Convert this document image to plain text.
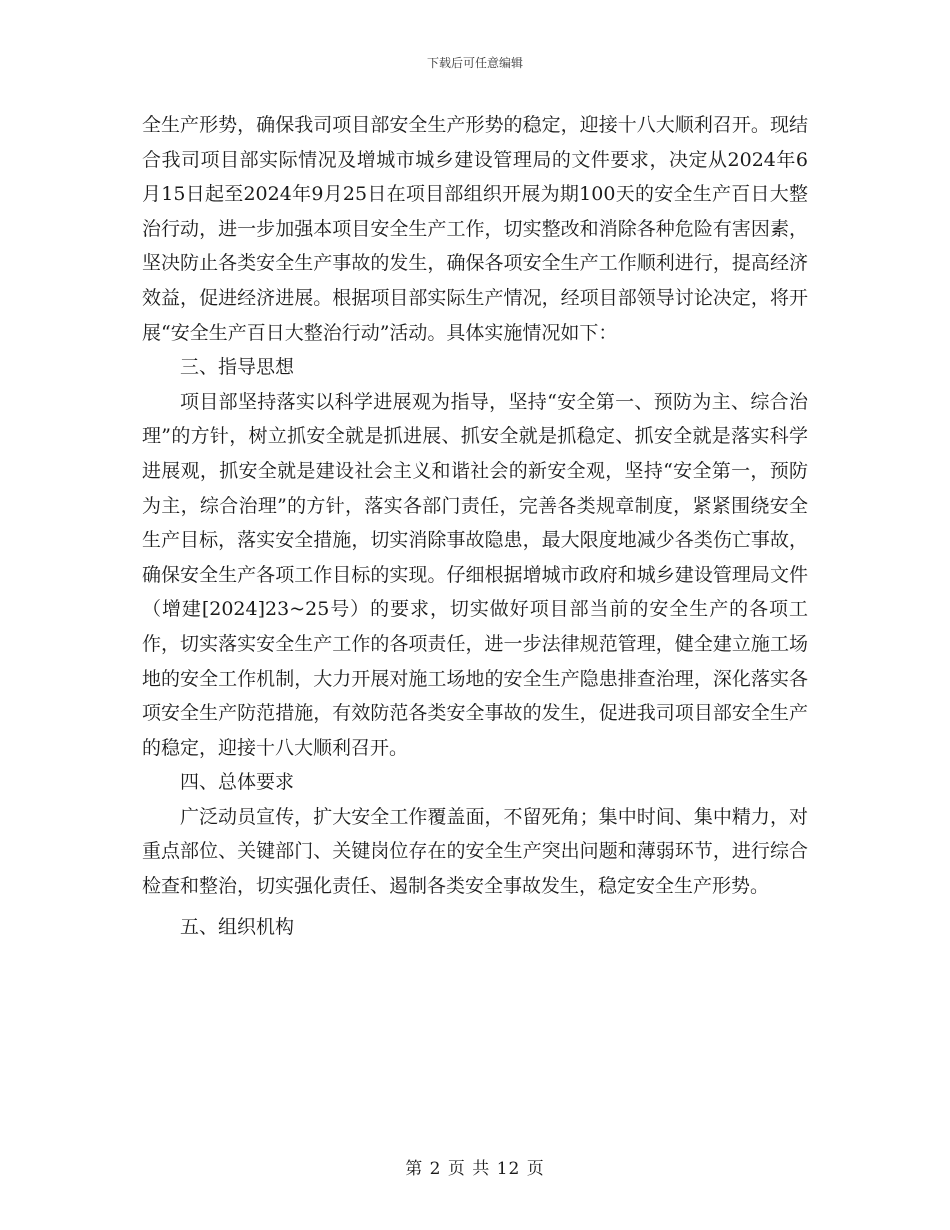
下载后可任意编辑

全生产形势，确保我司项目部安全生产形势的稳定，迎接十八大顺利召开。现结合我司项目部实际情况及增城市城乡建设管理局的文件要求，决定从2024年6月15日起至2024年9月25日在项目部组织开展为期100天的安全生产百日大整治行动，进一步加强本项目安全生产工作，切实整改和消除各种危险有害因素，坚决防止各类安全生产事故的发生，确保各项安全生产工作顺利进行，提高经济效益，促进经济进展。根据项目部实际生产情况，经项目部领导讨论决定，将开展“安全生产百日大整治行动”活动。具体实施情况如下：

三、指导思想

项目部坚持落实以科学进展观为指导，坚持“安全第一、预防为主、综合治理”的方针，树立抓安全就是抓进展、抓安全就是抓稳定、抓安全就是落实科学进展观，抓安全就是建设社会主义和谐社会的新安全观，坚持“安全第一，预防为主，综合治理”的方针，落实各部门责任，完善各类规章制度，紧紧围绕安全生产目标，落实安全措施，切实消除事故隐患，最大限度地减少各类伤亡事故，确保安全生产各项工作目标的实现。仔细根据增城市政府和城乡建设管理局文件（增建[2024]23~25号）的要求，切实做好项目部当前的安全生产的各项工作，切实落实安全生产工作的各项责任，进一步法律规范管理，健全建立施工场地的安全工作机制，大力开展对施工场地的安全生产隐患排查治理，深化落实各项安全生产防范措施，有效防范各类安全事故的发生，促进我司项目部安全生产的稳定，迎接十八大顺利召开。

四、总体要求

广泛动员宣传，扩大安全工作覆盖面，不留死角；集中时间、集中精力，对重点部位、关键部门、关键岗位存在的安全生产突出问题和薄弱环节，进行综合检查和整治，切实强化责任、遏制各类安全事故发生，稳定安全生产形势。

五、组织机构

第 2 页 共 12 页
